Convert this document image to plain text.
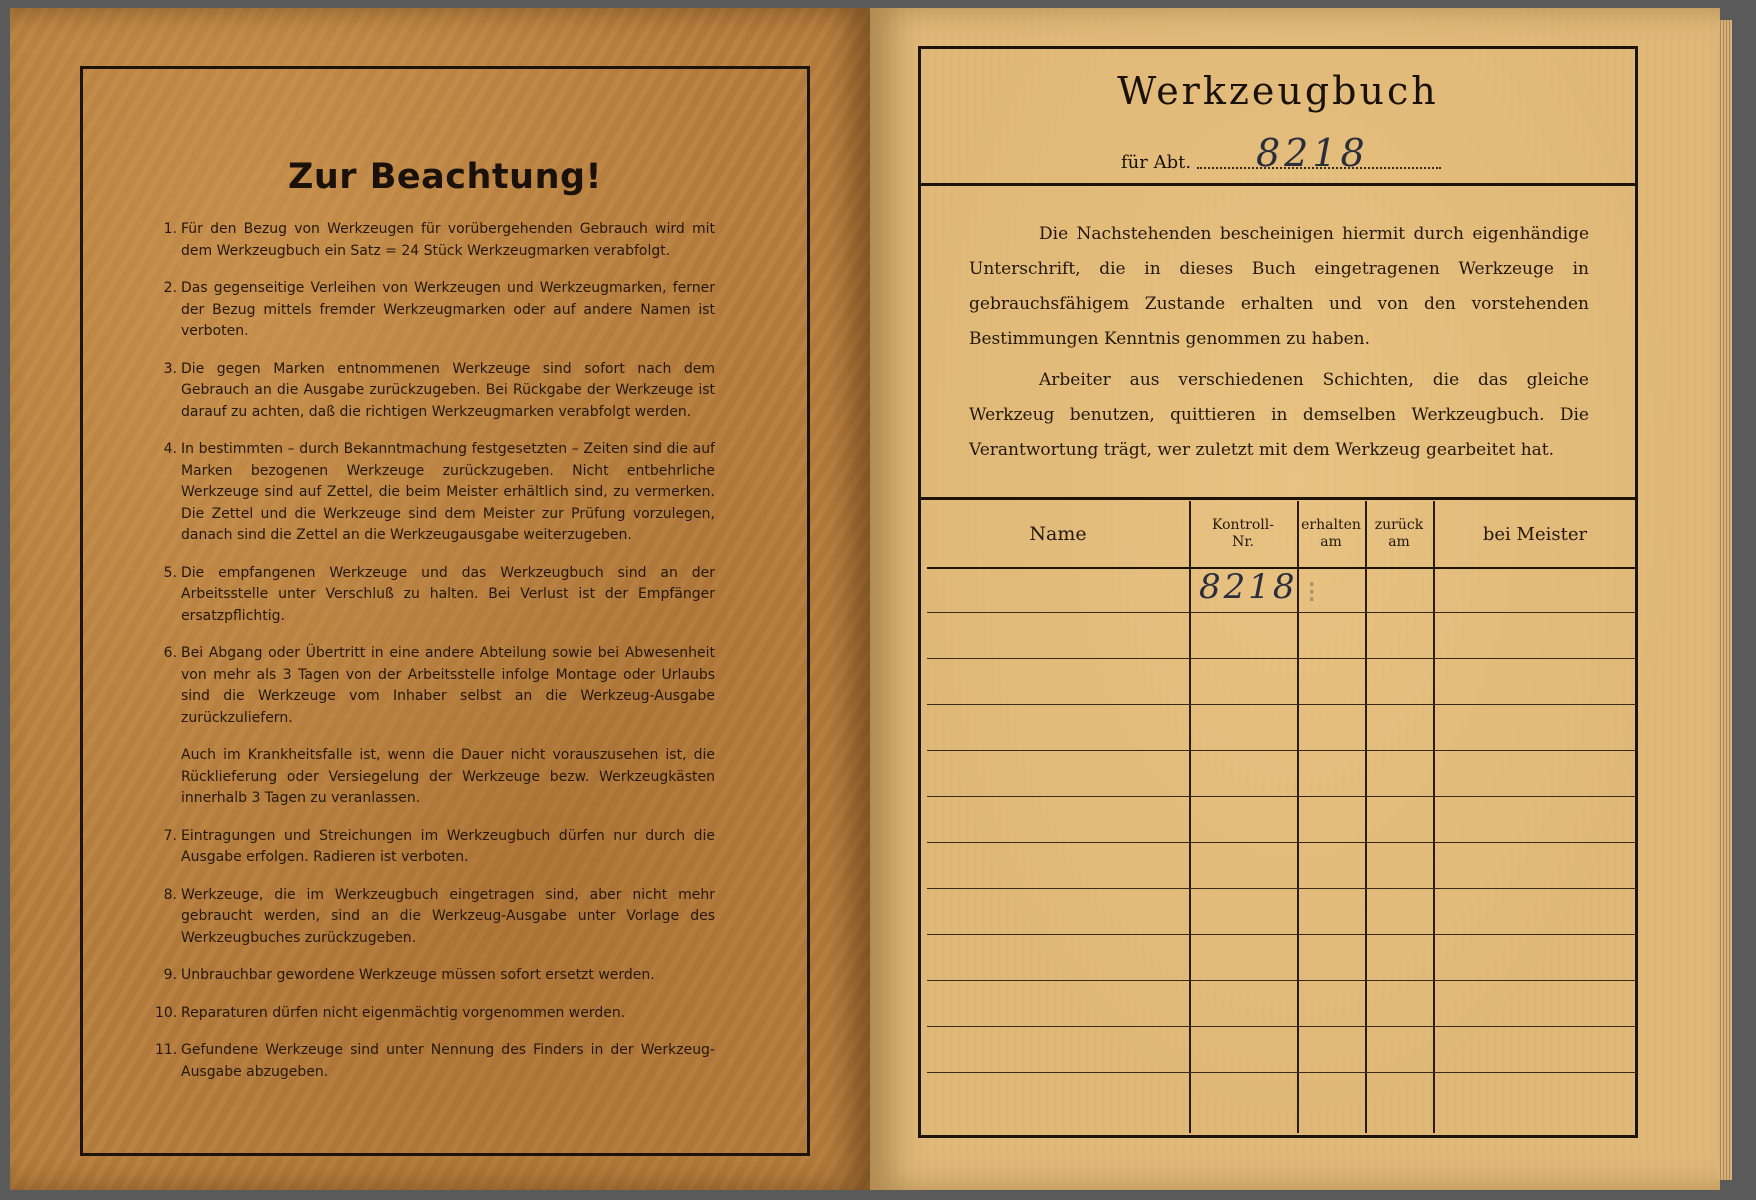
Zur Beachtung!
1. Für den Bezug von Werkzeugen für vorübergehenden Gebrauch wird mit dem Werkzeugbuch ein Satz = 24 Stück Werkzeugmarken verabfolgt.
2. Das gegenseitige Verleihen von Werkzeugen und Werkzeugmarken, ferner der Bezug mittels fremder Werkzeugmarken oder auf andere Namen ist verboten.
3. Die gegen Marken entnommenen Werkzeuge sind sofort nach dem Gebrauch an die Ausgabe zurückzugeben. Bei Rückgabe der Werkzeuge ist darauf zu achten, daß die richtigen Werkzeugmarken verabfolgt werden.
4. In bestimmten – durch Bekanntmachung festgesetzten – Zeiten sind die auf Marken bezogenen Werkzeuge zurückzugeben. Nicht entbehrliche Werkzeuge sind auf Zettel, die beim Meister erhältlich sind, zu vermerken. Die Zettel und die Werkzeuge sind dem Meister zur Prüfung vorzulegen, danach sind die Zettel an die Werkzeugausgabe weiterzugeben.
5. Die empfangenen Werkzeuge und das Werkzeugbuch sind an der Arbeitsstelle unter Verschluß zu halten. Bei Verlust ist der Empfänger ersatzpflichtig.
6. Bei Abgang oder Übertritt in eine andere Abteilung sowie bei Abwesenheit von mehr als 3 Tagen von der Arbeitsstelle infolge Montage oder Urlaubs sind die Werkzeuge vom Inhaber selbst an die Werkzeug-Ausgabe zurückzuliefern.
Auch im Krankheitsfalle ist, wenn die Dauer nicht vorauszusehen ist, die Rücklieferung oder Versiegelung der Werkzeuge bezw. Werkzeugkästen innerhalb 3 Tagen zu veranlassen.
7. Eintragungen und Streichungen im Werkzeugbuch dürfen nur durch die Ausgabe erfolgen. Radieren ist verboten.
8. Werkzeuge, die im Werkzeugbuch eingetragen sind, aber nicht mehr gebraucht werden, sind an die Werkzeug-Ausgabe unter Vorlage des Werkzeugbuches zurückzugeben.
9. Unbrauchbar gewordene Werkzeuge müssen sofort ersetzt werden.
10. Reparaturen dürfen nicht eigenmächtig vorgenommen werden.
11. Gefundene Werkzeuge sind unter Nennung des Finders in der Werkzeug-Ausgabe abzugeben.
Werkzeugbuch
für Abt. 8218
Die Nachstehenden bescheinigen hiermit durch eigenhändige Unterschrift, die in dieses Buch eingetragenen Werkzeuge in gebrauchsfähigem Zustande erhalten und von den vorstehenden Bestimmungen Kenntnis genommen zu haben.
Arbeiter aus verschiedenen Schichten, die das gleiche Werkzeug benutzen, quittieren in demselben Werkzeugbuch. Die Verantwortung trägt, wer zuletzt mit dem Werkzeug gearbeitet hat.
Name	Kontroll-
Nr.
erhalten
am
zurück
am	bei Meister
8218 ⁝
